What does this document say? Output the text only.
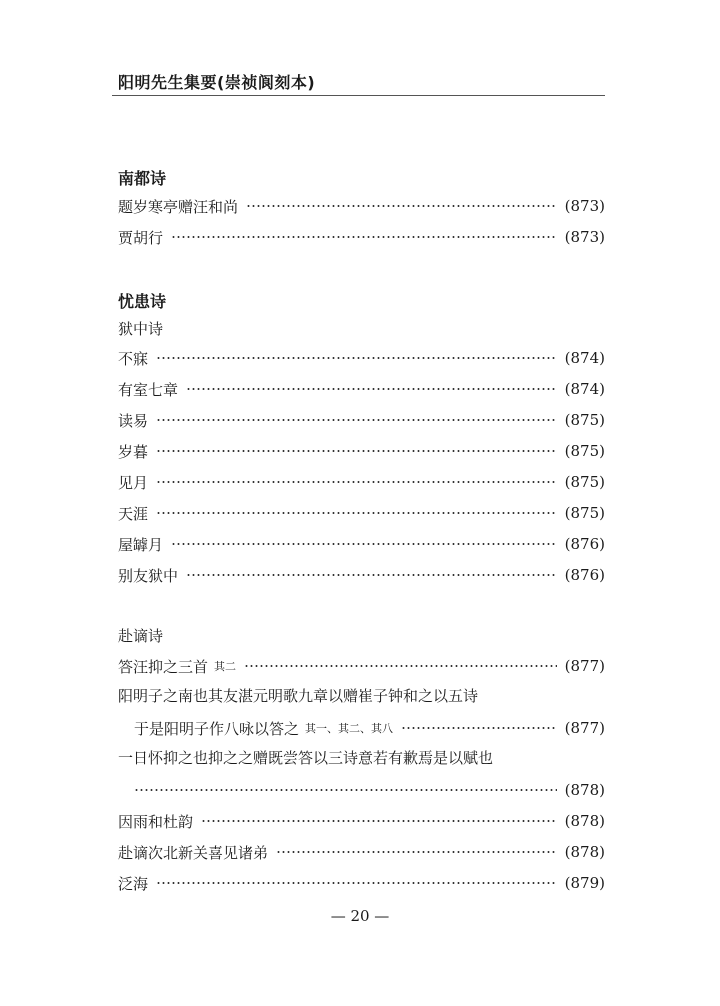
阳明先生集要(崇祯阆刻本)
南都诗
题岁寒亭赠汪和尚	(873)
贾胡行	(873)
忧患诗
狱中诗
不寐	(874)
有室七章	(874)
读易	(875)
岁暮	(875)
见月	(875)
天涯	(875)
屋罅月	(876)
别友狱中	(876)
赴谪诗
答汪抑之三首 其二	(877)
阳明子之南也其友湛元明歌九章以赠崔子钟和之以五诗
于是阳明子作八咏以答之 其一、其二、其八	(877)
一日怀抑之也抑之之赠既尝答以三诗意若有歉焉是以赋也
(878)
因雨和杜韵	(878)
赴谪次北新关喜见诸弟	(878)
泛海	(879)
— 20 —
